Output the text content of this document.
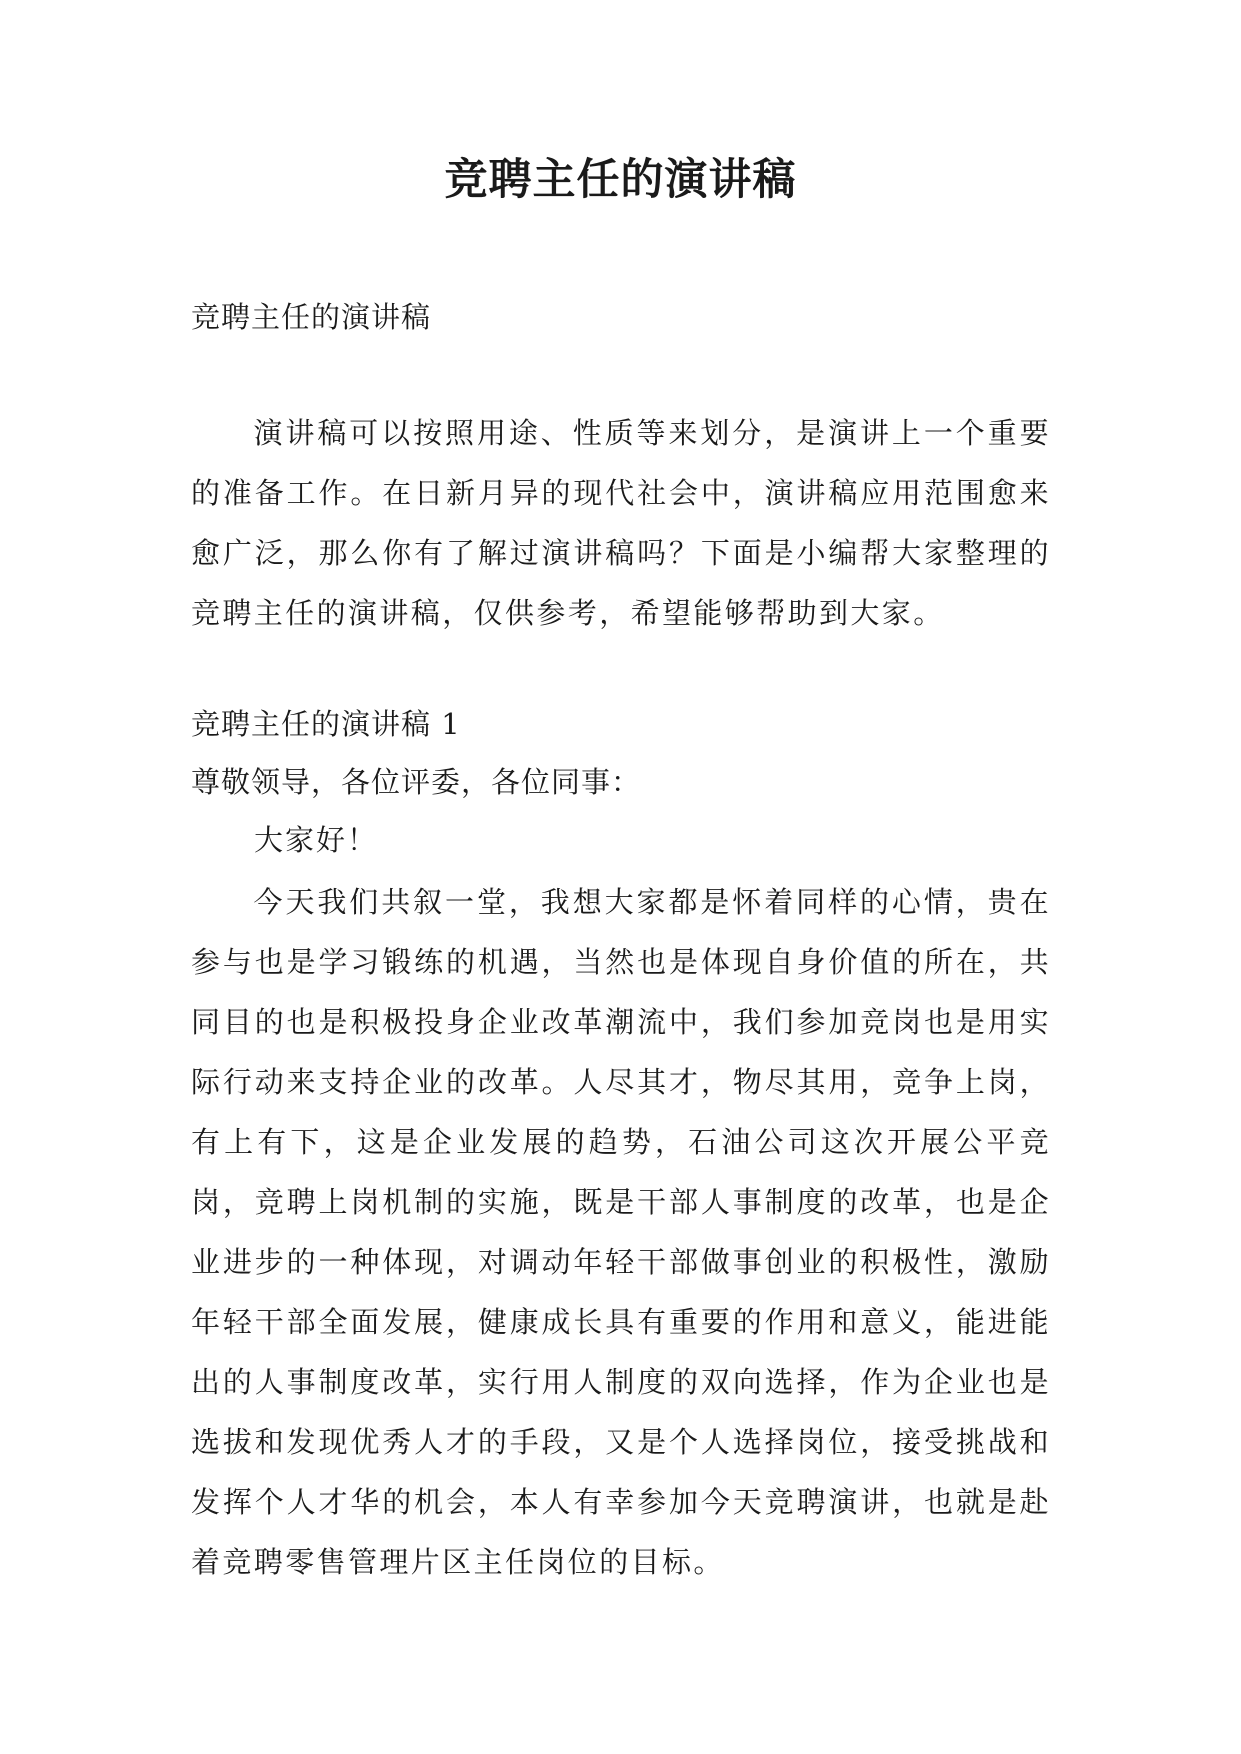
竞聘主任的演讲稿

竞聘主任的演讲稿

演讲稿可以按照用途、性质等来划分，是演讲上一个重要的准备工作。在日新月异的现代社会中，演讲稿应用范围愈来愈广泛，那么你有了解过演讲稿吗？下面是小编帮大家整理的竞聘主任的演讲稿，仅供参考，希望能够帮助到大家。

竞聘主任的演讲稿 1

尊敬领导，各位评委，各位同事：

大家好！

今天我们共叙一堂，我想大家都是怀着同样的心情，贵在参与也是学习锻练的机遇，当然也是体现自身价值的所在，共同目的也是积极投身企业改革潮流中，我们参加竞岗也是用实际行动来支持企业的改革。人尽其才，物尽其用，竞争上岗，有上有下，这是企业发展的趋势，石油公司这次开展公平竞岗，竞聘上岗机制的实施，既是干部人事制度的改革，也是企业进步的一种体现，对调动年轻干部做事创业的积极性，激励年轻干部全面发展，健康成长具有重要的作用和意义，能进能出的人事制度改革，实行用人制度的双向选择，作为企业也是选拔和发现优秀人才的手段，又是个人选择岗位，接受挑战和发挥个人才华的机会，本人有幸参加今天竞聘演讲，也就是赴着竞聘零售管理片区主任岗位的目标。
